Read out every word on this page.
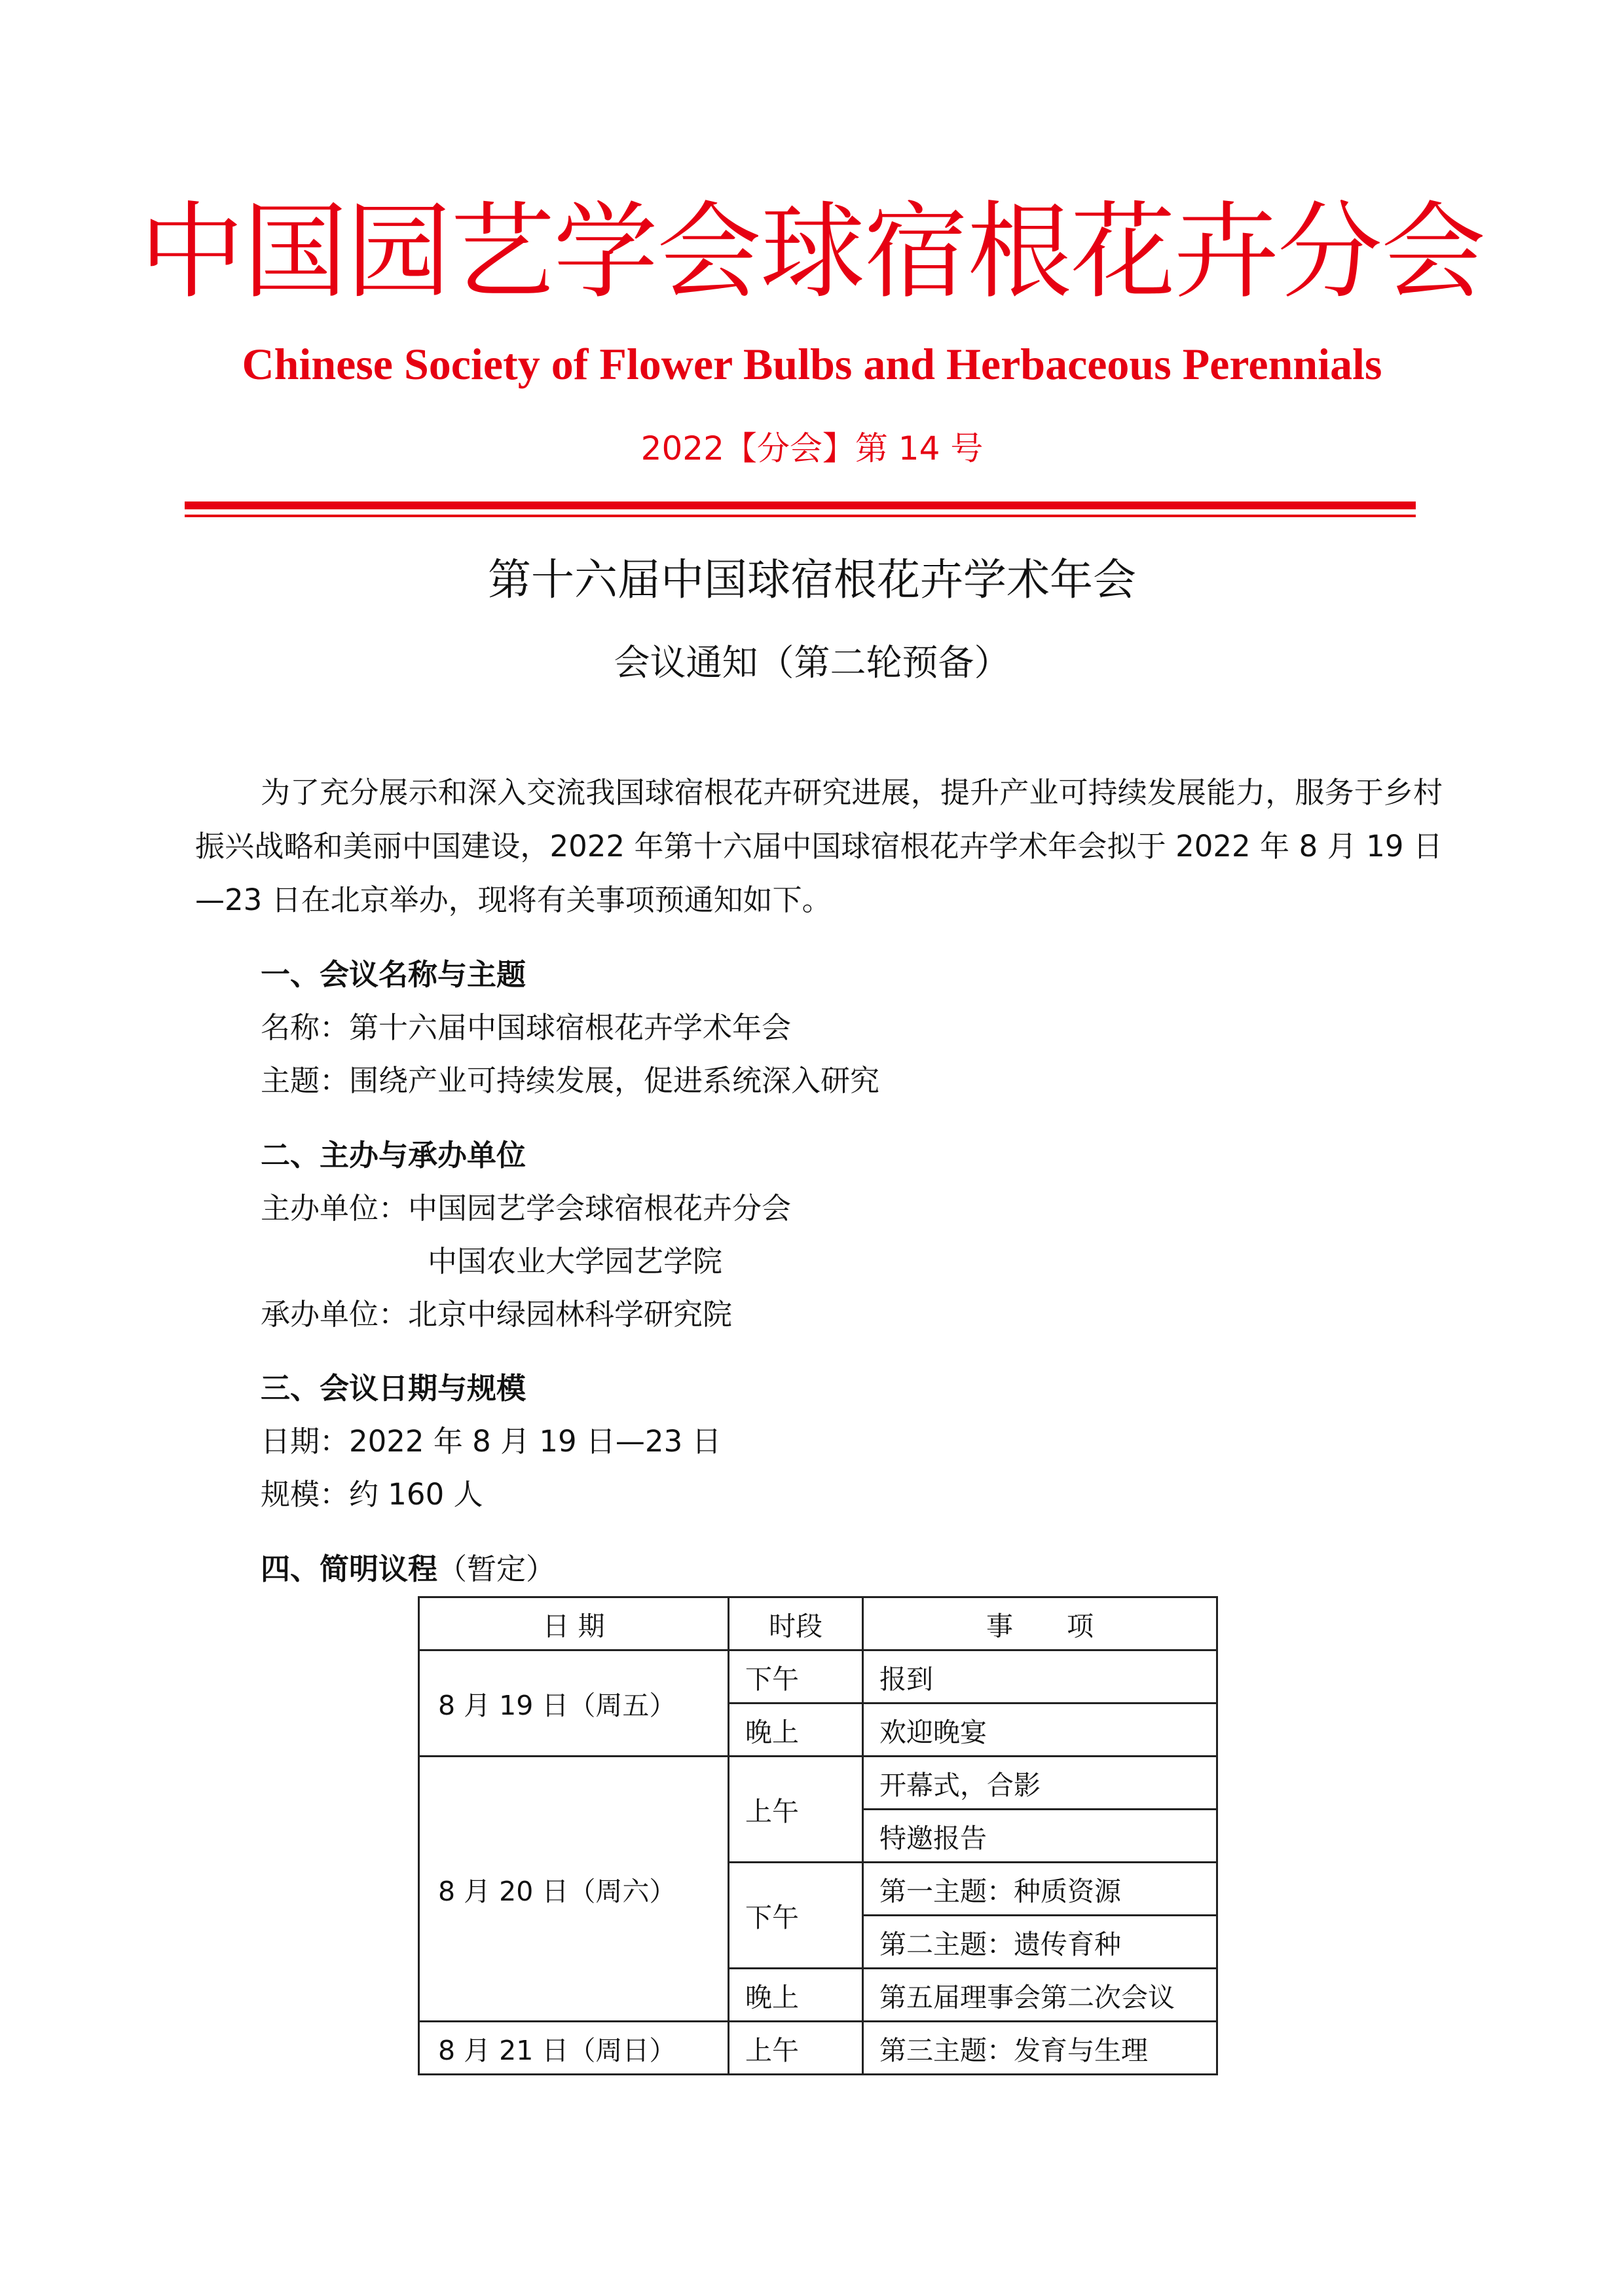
中国园艺学会球宿根花卉分会
Chinese Society of Flower Bulbs and Herbaceous Perennials
2022【分会】第 14 号
第十六届中国球宿根花卉学术年会
会议通知（第二轮预备）

为了充分展示和深入交流我国球宿根花卉研究进展，提升产业可持续发展能力，服务于乡村振兴战略和美丽中国建设，2022 年第十六届中国球宿根花卉学术年会拟于 2022 年 8 月 19 日—23 日在北京举办，现将有关事项预通知如下。

一、会议名称与主题
名称：第十六届中国球宿根花卉学术年会
主题：围绕产业可持续发展，促进系统深入研究
二、主办与承办单位
主办单位：中国园艺学会球宿根花卉分会
中国农业大学园艺学院
承办单位：北京中绿园林科学研究院
三、会议日期与规模
日期：2022 年 8 月 19 日—23 日
规模：约 160 人
四、简明议程（暂定）
日 期	时段	事　　项
8 月 19 日（周五）	下午	报到
	晚上	欢迎晚宴
8 月 20 日（周六）	上午	开幕式，合影
		特邀报告
	下午	第一主题：种质资源
		第二主题：遗传育种
	晚上	第五届理事会第二次会议
8 月 21 日（周日）	上午	第三主题：发育与生理
